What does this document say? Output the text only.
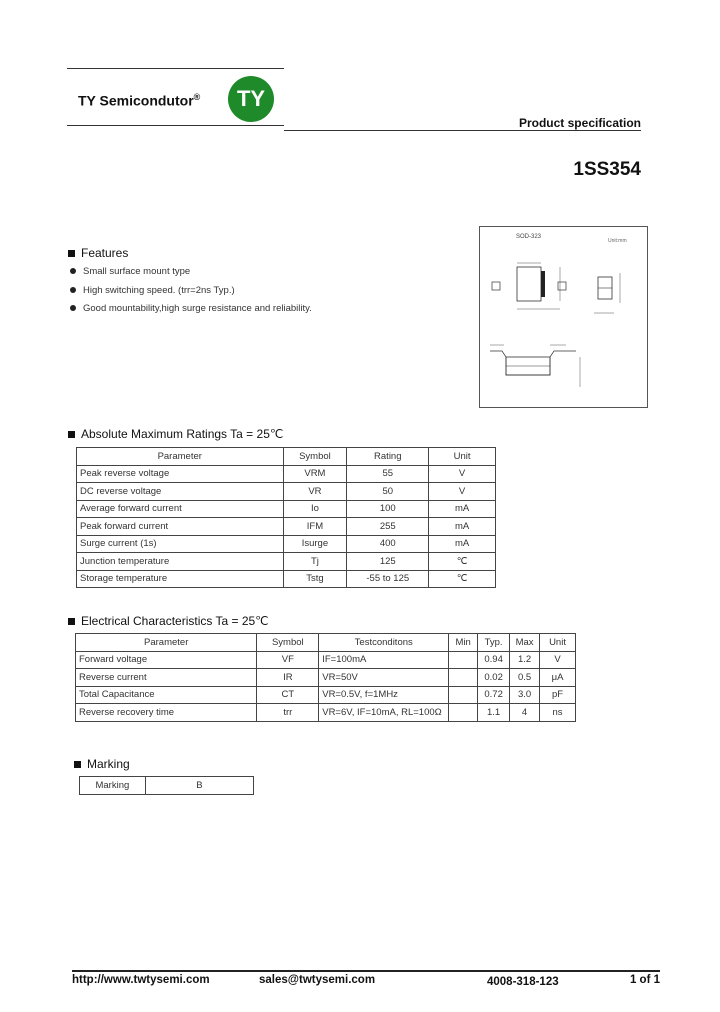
TY Semicondutor® TY
Product specification
1SS354
SOD-323
Unit:mm
Features
Small surface mount type
High switching speed. (trr=2ns Typ.)
Good mountability,high surge resistance and reliability.
Absolute Maximum Ratings Ta = 25℃
Parameter	Symbol	Rating	Unit
Peak reverse voltage	VRM	55	V
DC reverse voltage	VR	50	V
Average forward current	Io	100	mA
Peak forward current	IFM	255	mA
Surge current (1s)	Isurge	400	mA
Junction temperature	Tj	125	℃
Storage temperature	Tstg	-55 to 125	℃
Electrical Characteristics Ta = 25℃
Parameter	Symbol	Testconditons	Min	Typ.	Max	Unit
Forward voltage	VF	IF=100mA		0.94	1.2	V
Reverse current	IR	VR=50V		0.02	0.5	μA
Total Capacitance	CT	VR=0.5V, f=1MHz		0.72	3.0	pF
Reverse recovery time	trr	VR=6V, IF=10mA, RL=100Ω		1.1	4	ns
Marking
Marking	B
http://www.twtysemi.com	sales@twtysemi.com	4008-318-123	1 of 1
